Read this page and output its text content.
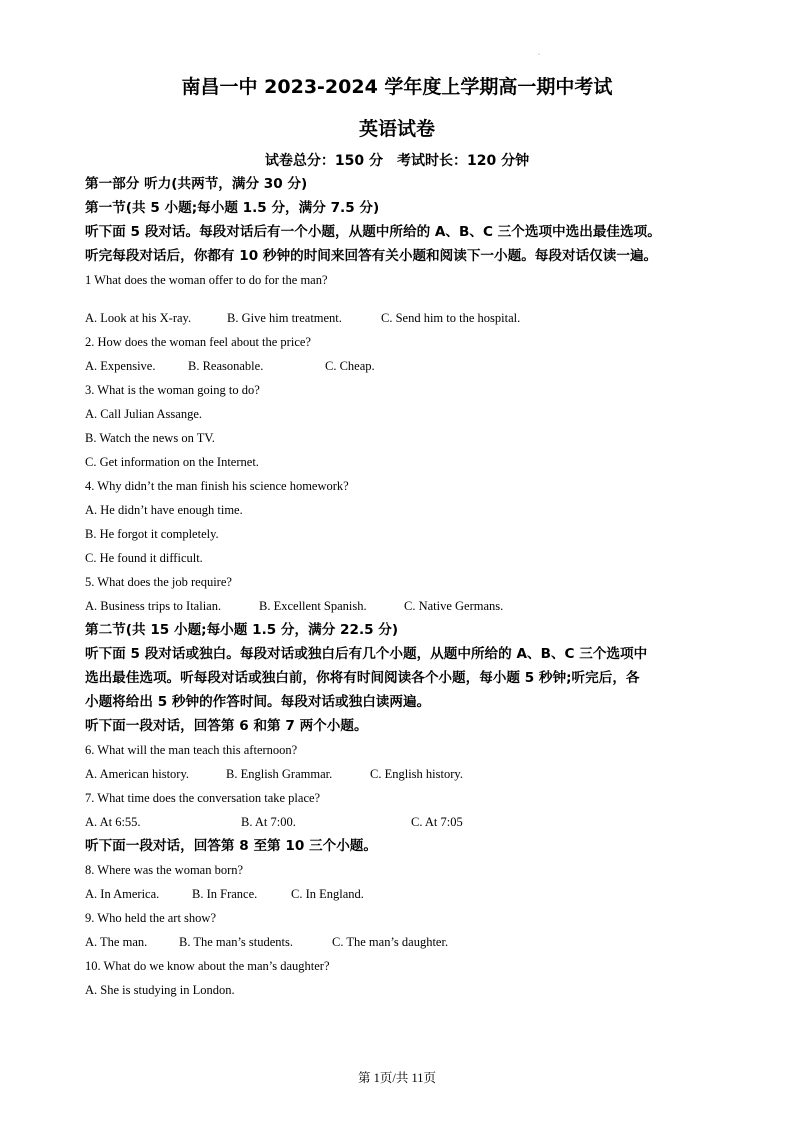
·
南昌一中 2023-2024 学年度上学期高一期中考试
英语试卷
试卷总分：150 分　考试时长：120 分钟
第一部分 听力(共两节，满分 30 分)
第一节(共 5 小题;每小题 1.5 分，满分 7.5 分)
听下面 5 段对话。每段对话后有一个小题，从题中所给的 A、B、C 三个选项中选出最佳选项。
听完每段对话后，你都有 10 秒钟的时间来回答有关小题和阅读下一小题。每段对话仅读一遍。
1 What does the woman offer to do for the man?
A. Look at his X-ray.	B. Give him treatment.	C. Send him to the hospital.
2. How does the woman feel about the price?
A. Expensive.	B. Reasonable.	C. Cheap.
3. What is the woman going to do?
A. Call Julian Assange.
B. Watch the news on TV.
C. Get information on the Internet.
4. Why didn’t the man finish his science homework?
A. He didn’t have enough time.
B. He forgot it completely.
C. He found it difficult.
5. What does the job require?
A. Business trips to Italian.	B. Excellent Spanish.	C. Native Germans.
第二节(共 15 小题;每小题 1.5 分，满分 22.5 分)
听下面 5 段对话或独白。每段对话或独白后有几个小题，从题中所给的 A、B、C 三个选项中
选出最佳选项。听每段对话或独白前，你将有时间阅读各个小题，每小题 5 秒钟;听完后，各
小题将给出 5 秒钟的作答时间。每段对话或独白读两遍。
听下面一段对话，回答第 6 和第 7 两个小题。
6. What will the man teach this afternoon?
A. American history.	B. English Grammar.	C. English history.
7. What time does the conversation take place?
A. At 6:55.	B. At 7:00.	C. At 7:05
听下面一段对话，回答第 8 至第 10 三个小题。
8. Where was the woman born?
A. In America.	B. In France.	C. In England.
9. Who held the art show?
A. The man.	B. The man’s students.	C. The man’s daughter.
10. What do we know about the man’s daughter?
A. She is studying in London.
第 1页/共 11页
